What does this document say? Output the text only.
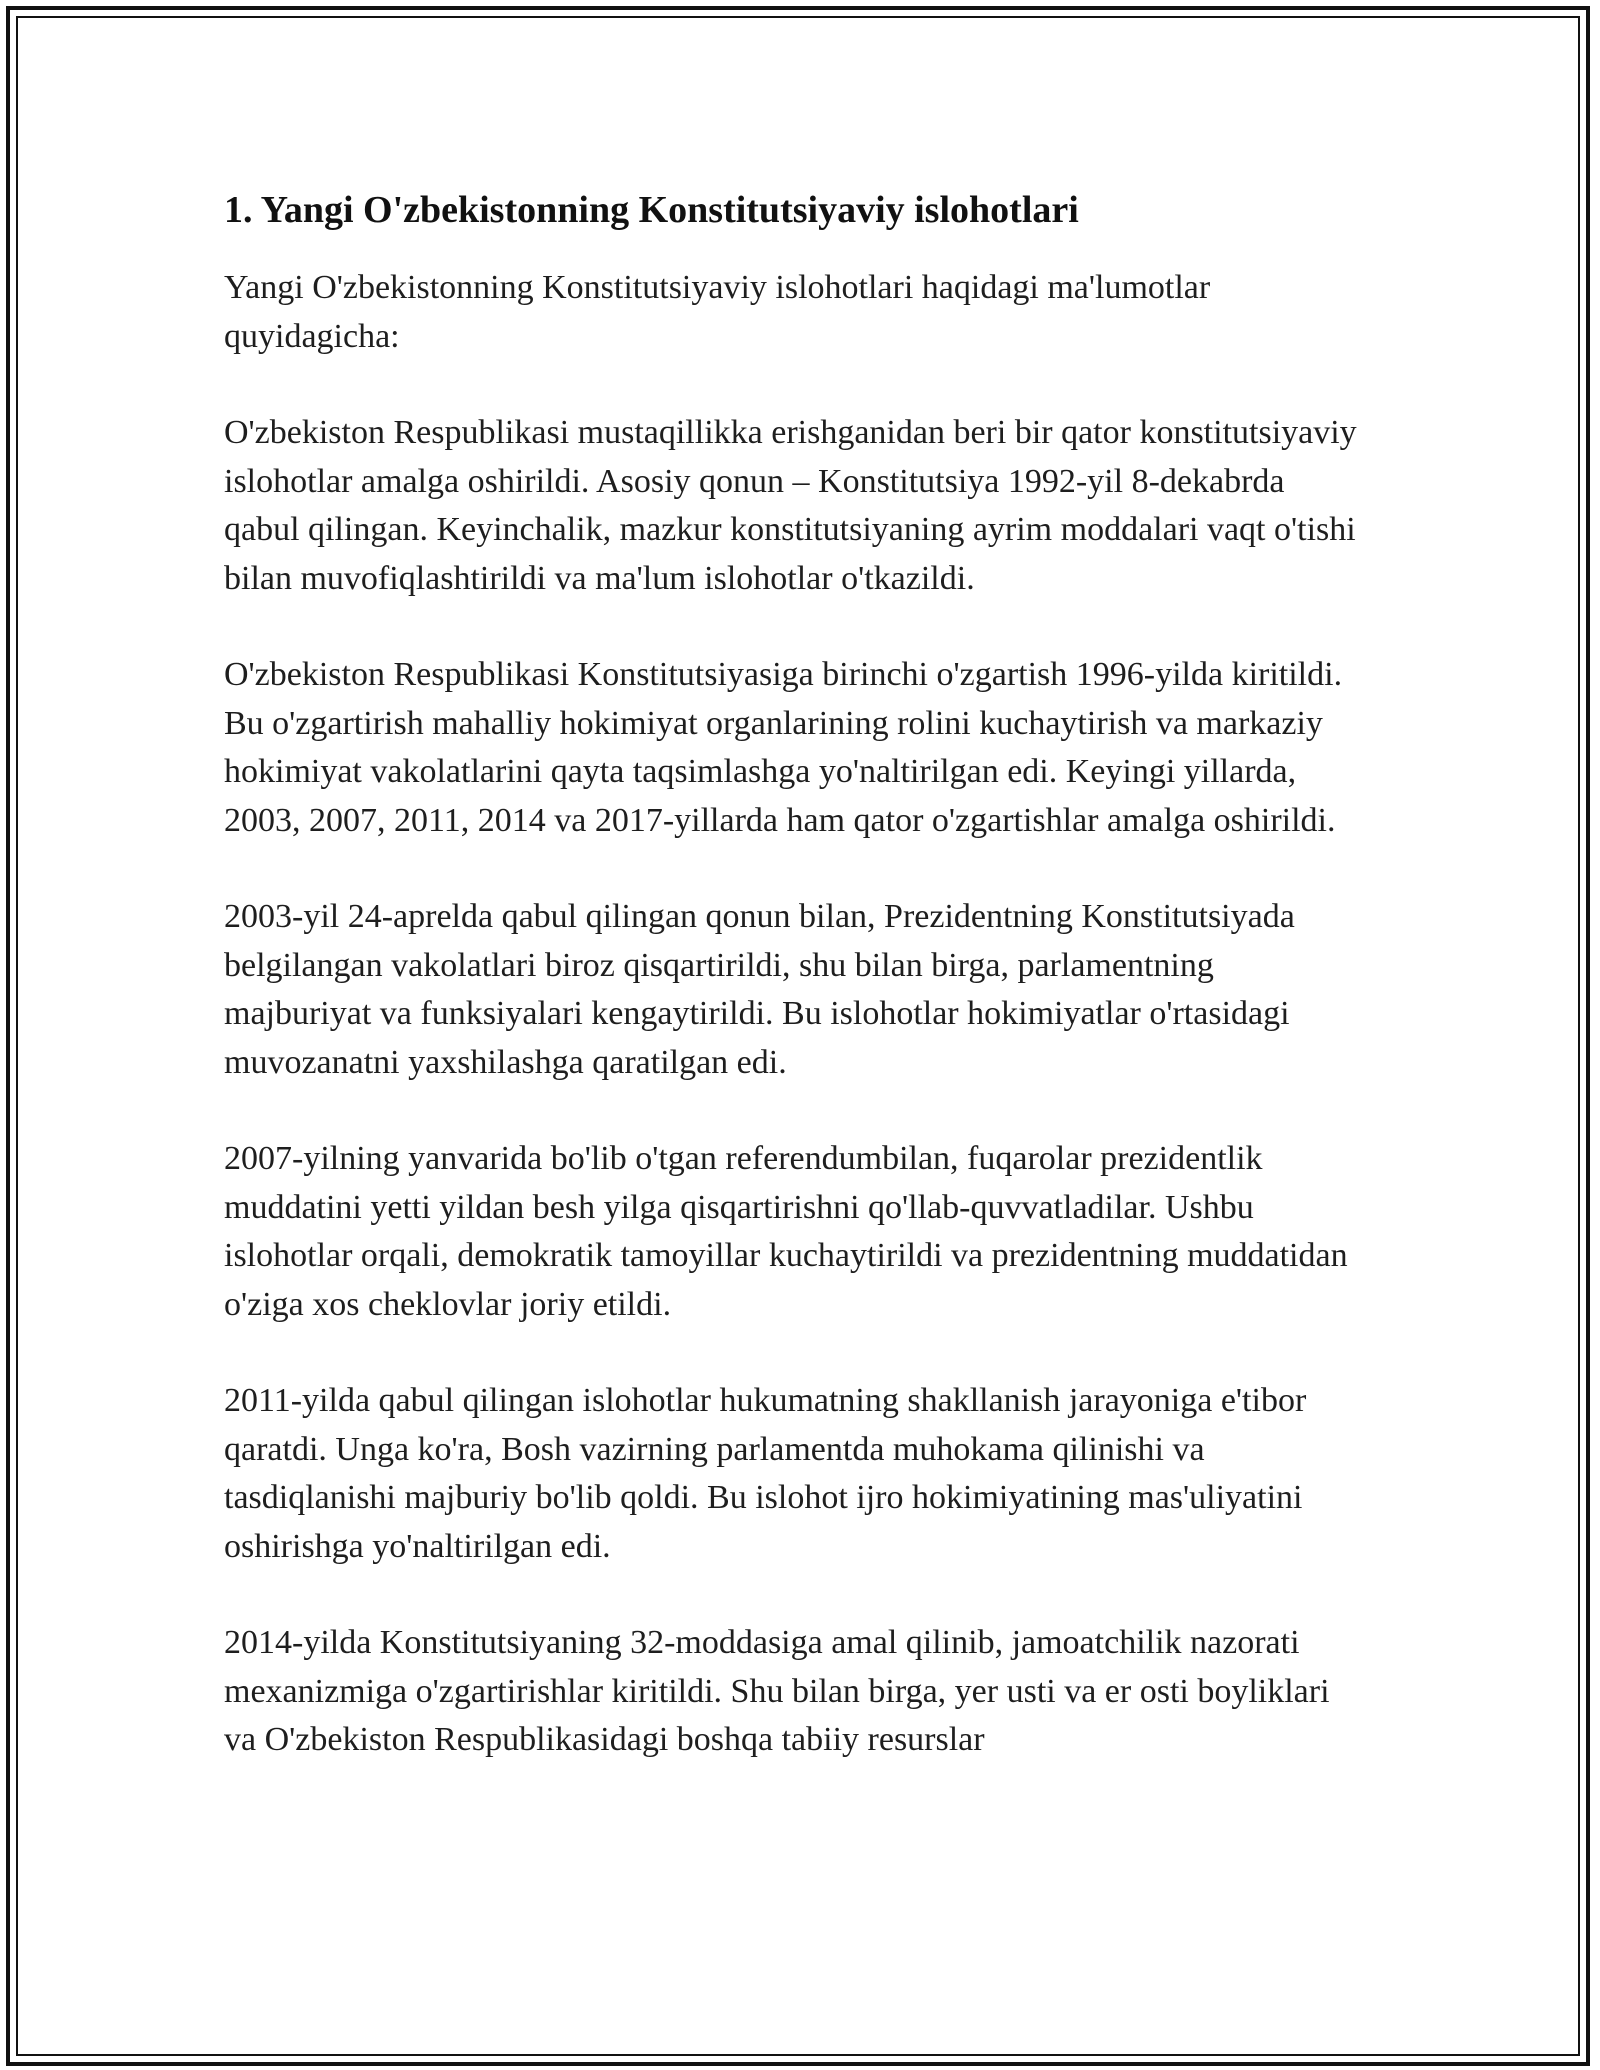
1. Yangi O'zbekistonning Konstitutsiyaviy islohotlari

Yangi O'zbekistonning Konstitutsiyaviy islohotlari haqidagi ma'lumotlar quyidagicha:

O'zbekiston Respublikasi mustaqillikka erishganidan beri bir qator konstitutsiyaviy islohotlar amalga oshirildi. Asosiy qonun – Konstitutsiya 1992-yil 8-dekabrda qabul qilingan. Keyinchalik, mazkur konstitutsiyaning ayrim moddalari vaqt o'tishi bilan muvofiqlashtirildi va ma'lum islohotlar o'tkazildi.

O'zbekiston Respublikasi Konstitutsiyasiga birinchi o'zgartish 1996-yilda kiritildi. Bu o'zgartirish mahalliy hokimiyat organlarining rolini kuchaytirish va markaziy hokimiyat vakolatlarini qayta taqsimlashga yo'naltirilgan edi. Keyingi yillarda, 2003, 2007, 2011, 2014 va 2017-yillarda ham qator o'zgartishlar amalga oshirildi.

2003-yil 24-aprelda qabul qilingan qonun bilan, Prezidentning Konstitutsiyada belgilangan vakolatlari biroz qisqartirildi, shu bilan birga, parlamentning majburiyat va funksiyalari kengaytirildi. Bu islohotlar hokimiyatlar o'rtasidagi muvozanatni yaxshilashga qaratilgan edi.

2007-yilning yanvarida bo'lib o'tgan referendumbilan, fuqarolar prezidentlik muddatini yetti yildan besh yilga qisqartirishni qo'llab-quvvatladilar. Ushbu islohotlar orqali, demokratik tamoyillar kuchaytirildi va prezidentning muddatidan o'ziga xos cheklovlar joriy etildi.

2011-yilda qabul qilingan islohotlar hukumatning shakllanish jarayoniga e'tibor qaratdi. Unga ko'ra, Bosh vazirning parlamentda muhokama qilinishi va tasdiqlanishi majburiy bo'lib qoldi. Bu islohot ijro hokimiyatining mas'uliyatini oshirishga yo'naltirilgan edi.

2014-yilda Konstitutsiyaning 32-moddasiga amal qilinib, jamoatchilik nazorati mexanizmiga o'zgartirishlar kiritildi. Shu bilan birga, yer usti va er osti boyliklari va O'zbekiston Respublikasidagi boshqa tabiiy resurslar
